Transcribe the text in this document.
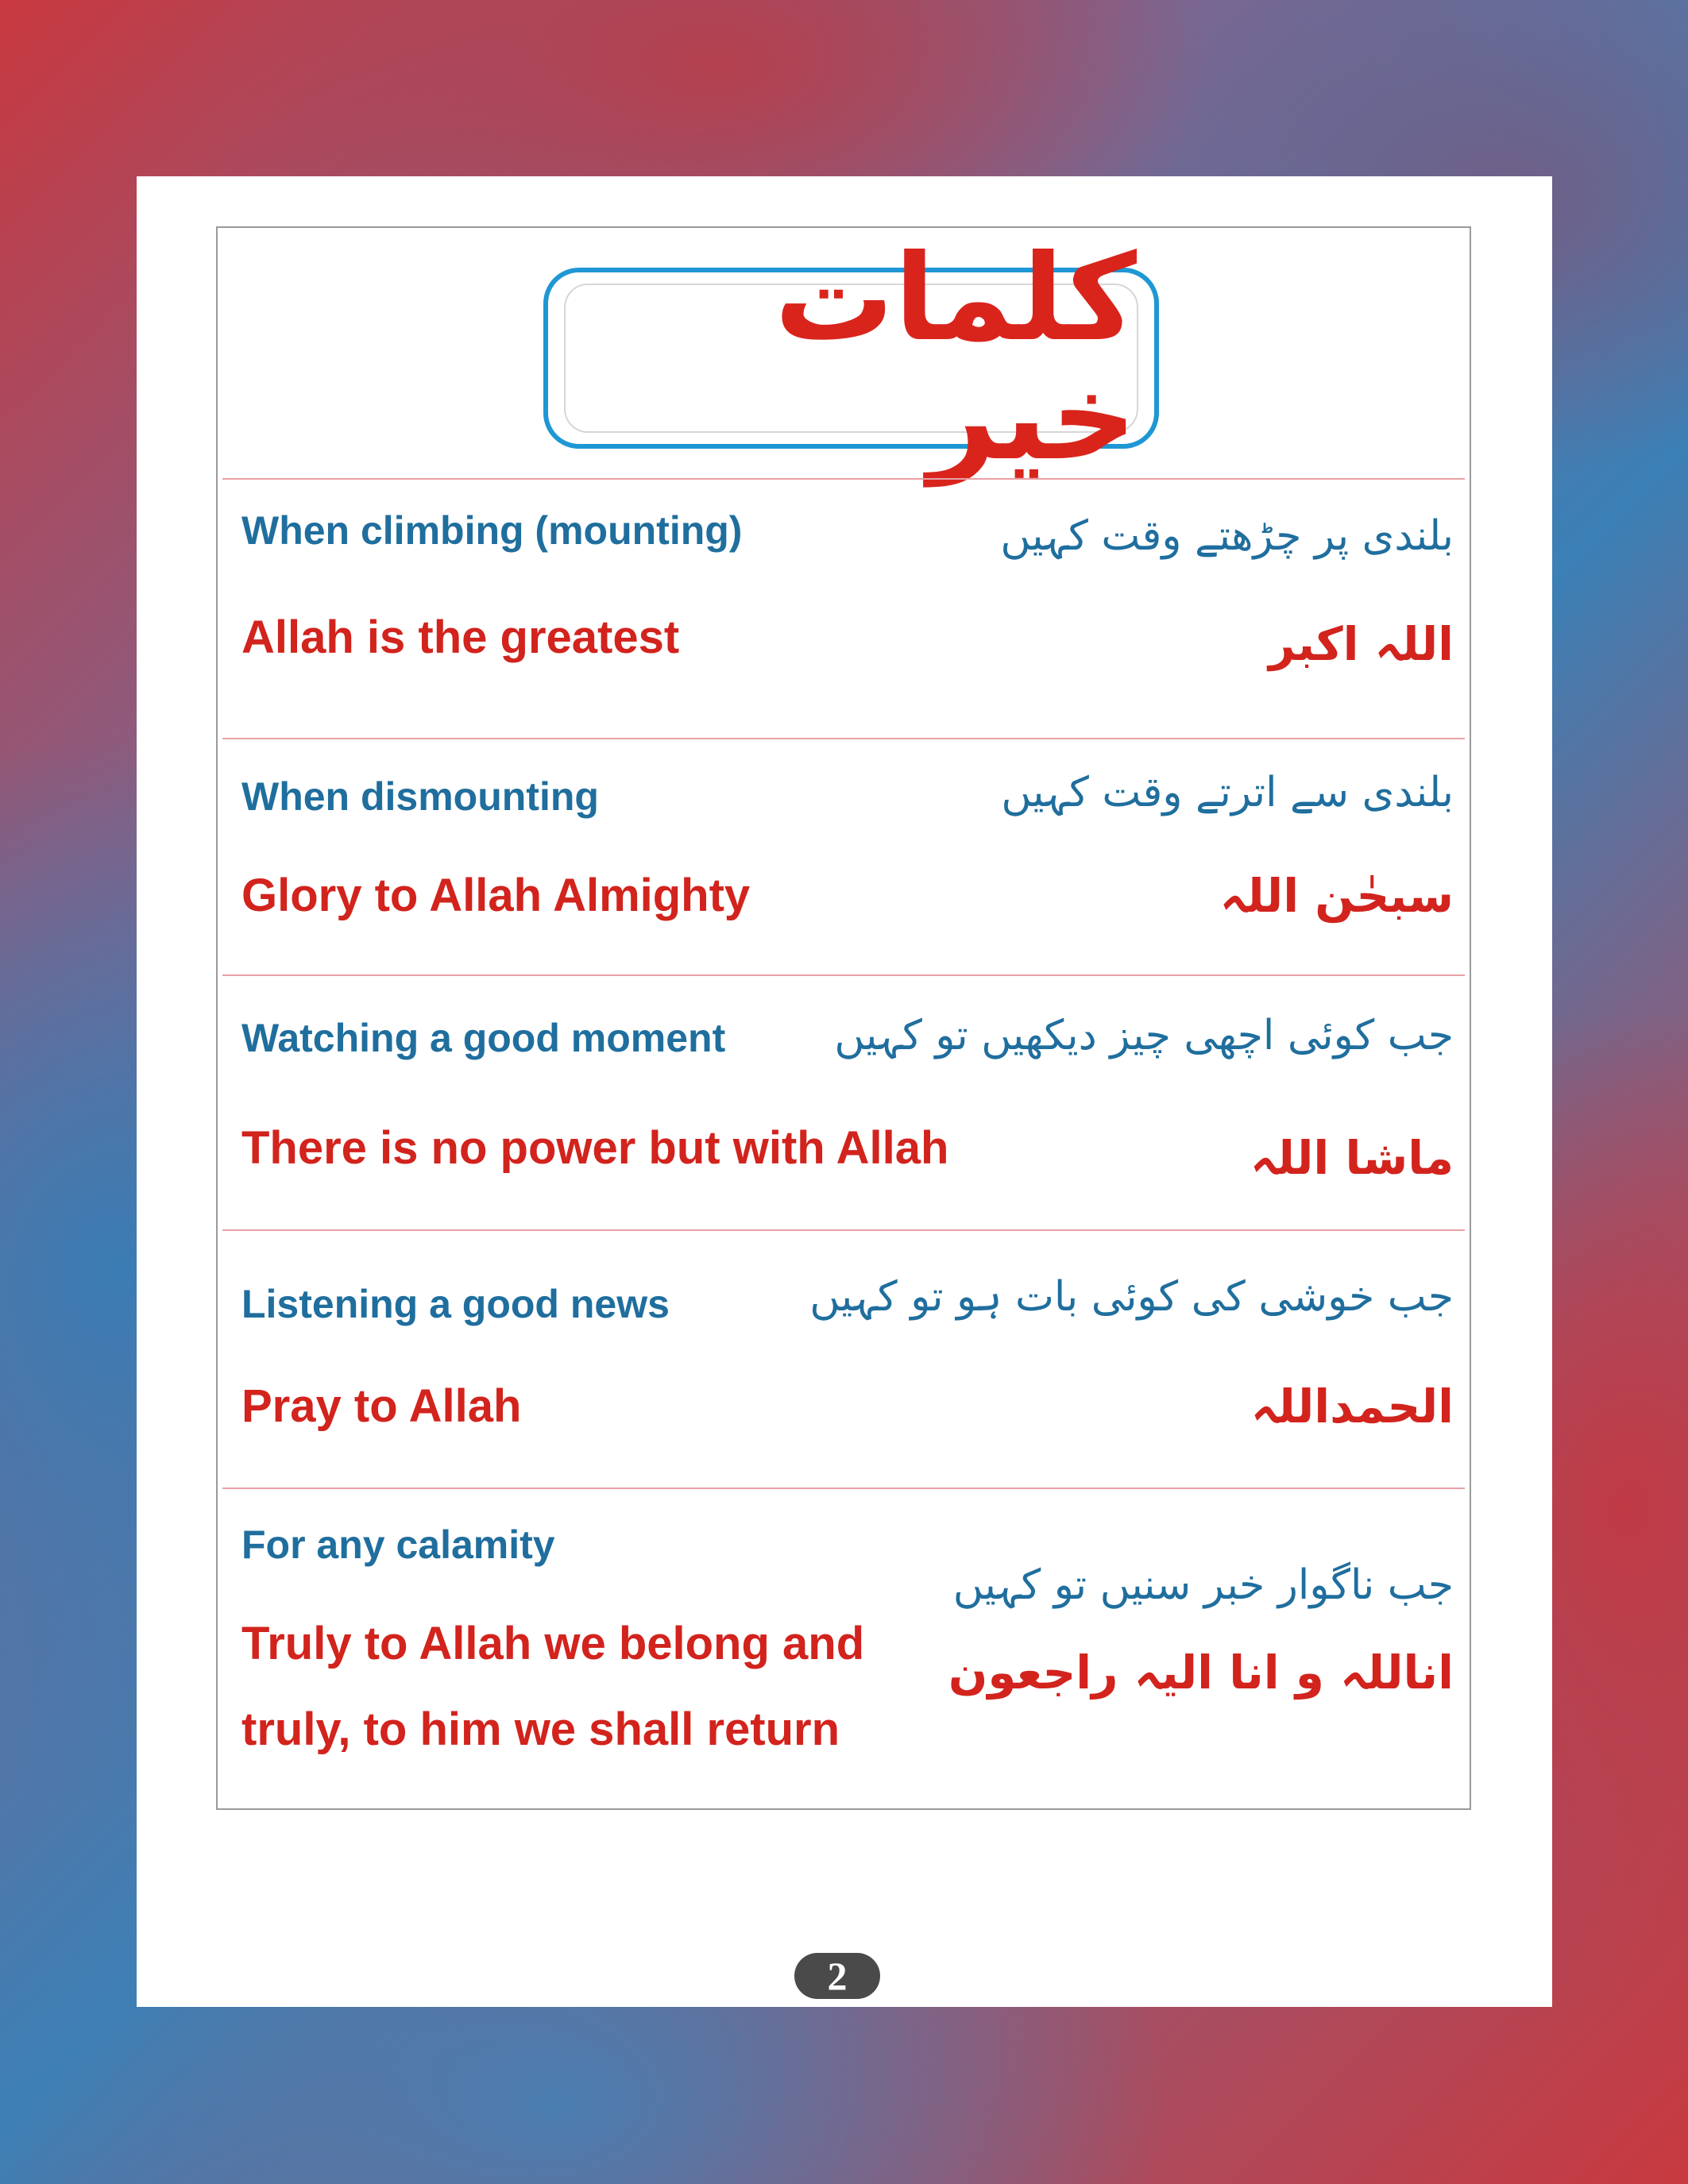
کلمات خیر

When climbing (mounting)

Allah is the greatest

بلندی پر چڑھتے وقت کہیں

اللہ اکبر

When dismounting

Glory to Allah Almighty

بلندی سے اترتے وقت کہیں

سبحٰن اللہ

Watching a good moment

There is no power but with Allah

جب کوئی اچھی چیز دیکھیں تو کہیں

ماشا اللہ

Listening a good news

Pray to Allah

جب خوشی کی کوئی بات ہو تو کہیں

الحمداللہ

For any calamity

Truly to Allah we belong and

truly, to him we shall return

جب ناگوار خبر سنیں تو کہیں

اناللہ و انا الیہ راجعون

2
